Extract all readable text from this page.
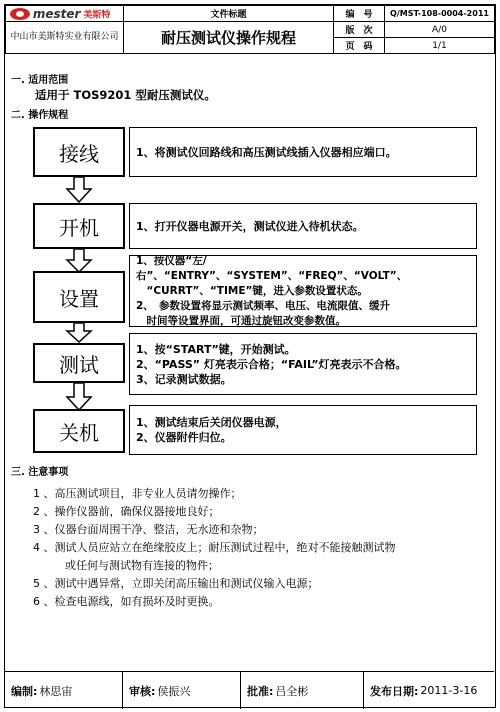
mester 美斯特	文件标题	编　号	Q/MST-108-0004-2011
中山市美斯特实业有限公司	耐压测试仪操作规程	版　次	A/0
		页　码	1/1
一. 适用范围
适用于 TOS9201 型耐压测试仪。
二. 操作规程
接线	1、将测试仪回路线和高压测试线插入仪器相应端口。
开机	1、打开仪器电源开关，测试仪进入待机状态。
设置
1、按仪器“左/右”、“ENTRY”、“SYSTEM”、“FREQ”、“VOLT”、
　“CURRT”、“TIME”键，进入参数设置状态。
2、　参数设置将显示测试频率、电压、电流限值、缓升
　时间等设置界面，可通过旋钮改变参数值。
测试
1、按“START”键，开始测试。
2、“PASS” 灯亮表示合格；“FAIL”灯亮表示不合格。
3、记录测试数据。
关机	1、测试结束后关闭仪器电源，
2、仪器附件归位。
三. 注意事项
1 、高压测试项目，非专业人员请勿操作；
2 、操作仪器前，确保仪器接地良好；
3 、仪器台面周围干净、整洁，无水迹和杂物；
4 、测试人员应站立在绝缘胶皮上；耐压测试过程中，绝对不能接触测试物
或任何与测试物有连接的物件；
5 、测试中遇异常，立即关闭高压输出和测试仪输入电源；
6 、检查电源线，如有损坏及时更换。
编制: 林思宙	审核: 侯振兴	批准: 吕全彬	发布日期: 2011-3-16
